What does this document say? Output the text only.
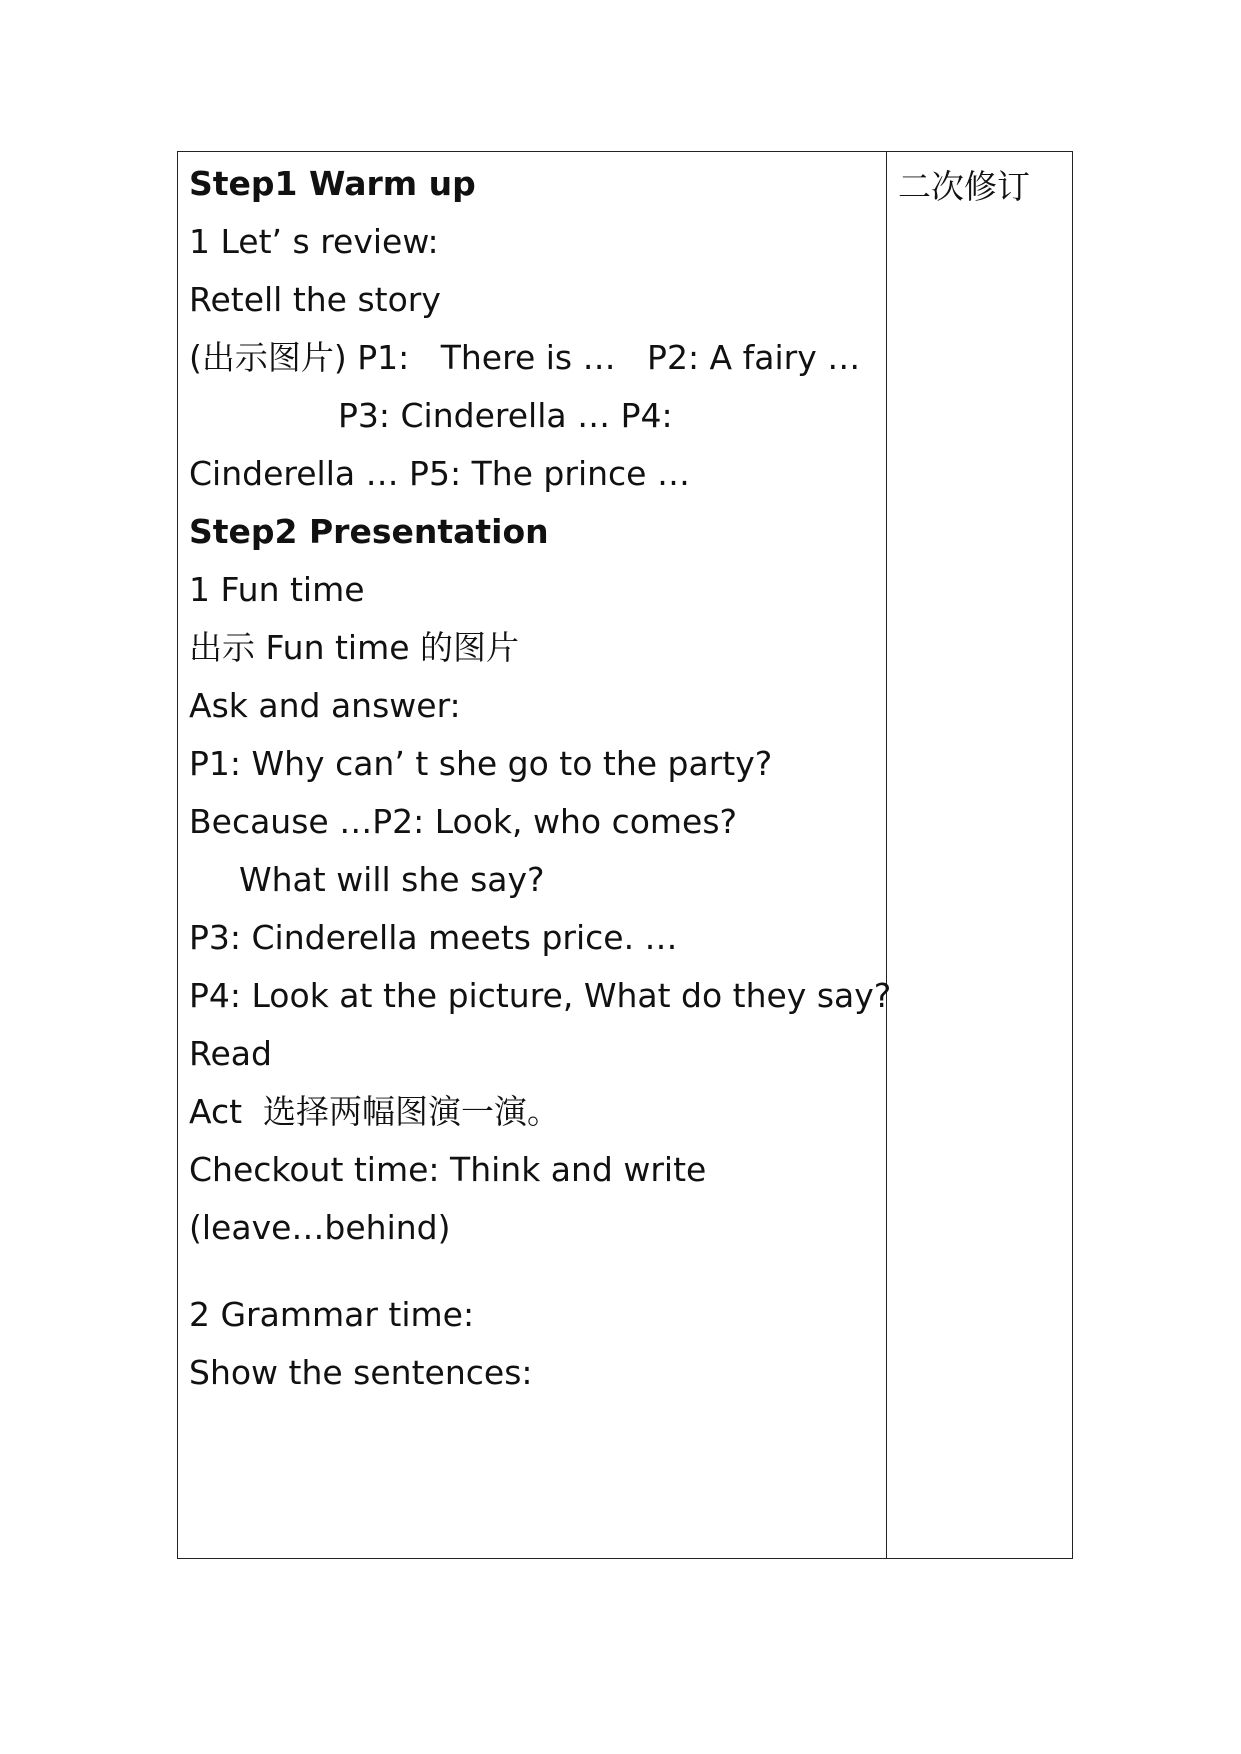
Step1 Warm up
1 Let’ s review:
Retell the story
(出示图片) P1:   There is …   P2: A fairy …
P3: Cinderella … P4:
Cinderella … P5: The prince …
Step2 Presentation
1 Fun time
出示 Fun time 的图片
Ask and answer:
P1: Why can’ t she go to the party?
Because …P2: Look, who comes?
What will she say?
P3: Cinderella meets price. …
P4: Look at the picture, What do they say?
Read
Act  选择两幅图演一演。
Checkout time: Think and write
(leave…behind)
2 Grammar time:
Show the sentences:
二次修订
